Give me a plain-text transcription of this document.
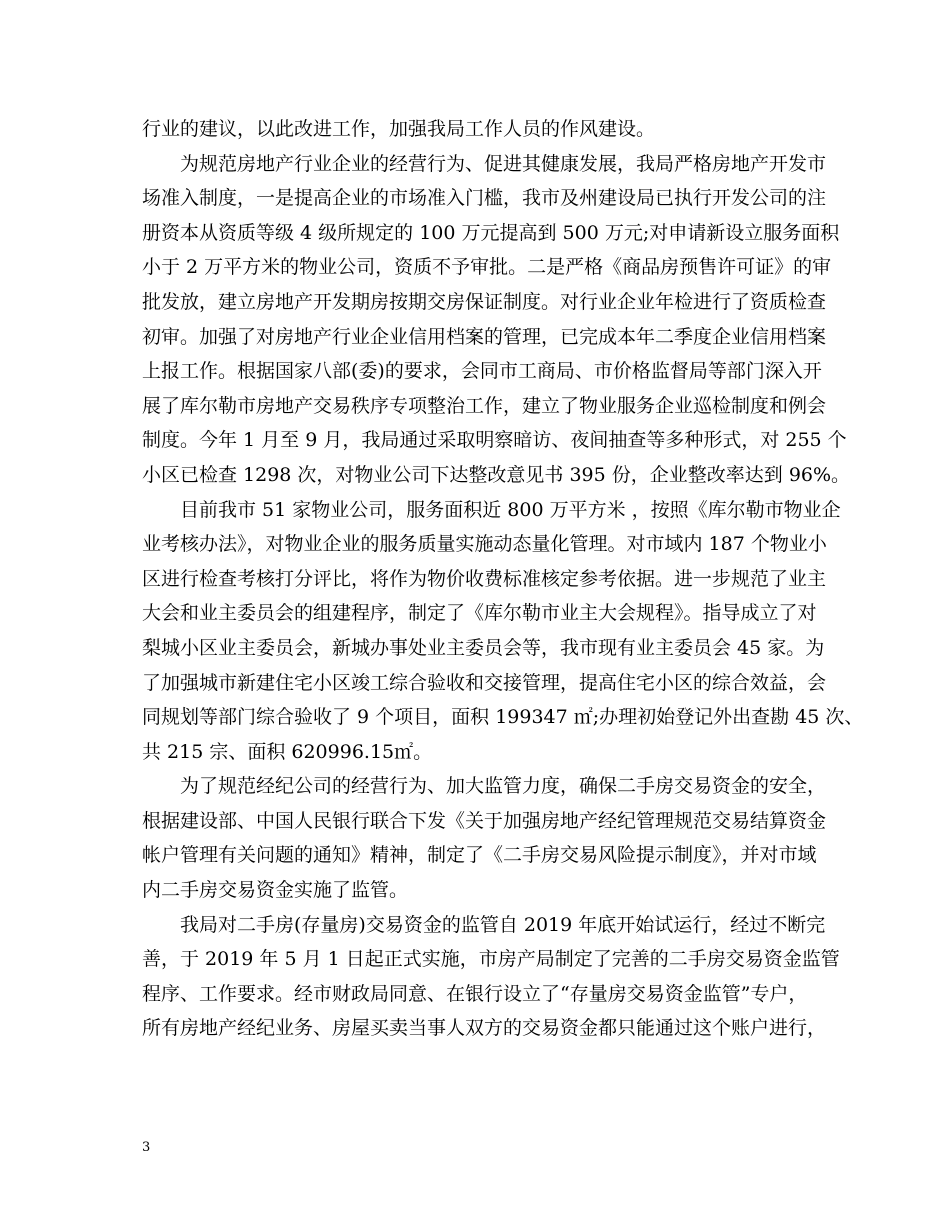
行业的建议，以此改进工作，加强我局工作人员的作风建设。
为规范房地产行业企业的经营行为、促进其健康发展，我局严格房地产开发市
场准入制度，一是提高企业的市场准入门槛，我市及州建设局已执行开发公司的注
册资本从资质等级 4 级所规定的 100 万元提高到 500 万元;对申请新设立服务面积
小于 2 万平方米的物业公司，资质不予审批。二是严格《商品房预售许可证》的审
批发放，建立房地产开发期房按期交房保证制度。对行业企业年检进行了资质检查
初审。加强了对房地产行业企业信用档案的管理，已完成本年二季度企业信用档案
上报工作。根据国家八部(委)的要求，会同市工商局、市价格监督局等部门深入开
展了库尔勒市房地产交易秩序专项整治工作，建立了物业服务企业巡检制度和例会
制度。今年 1 月至 9 月，我局通过采取明察暗访、夜间抽查等多种形式，对 255 个
小区已检查 1298 次，对物业公司下达整改意见书 395 份，企业整改率达到 96%。
目前我市 51 家物业公司，服务面积近 800 万平方米 ，按照《库尔勒市物业企
业考核办法》，对物业企业的服务质量实施动态量化管理。对市域内 187 个物业小
区进行检查考核打分评比，将作为物价收费标准核定参考依据。进一步规范了业主
大会和业主委员会的组建程序，制定了《库尔勒市业主大会规程》。指导成立了对
梨城小区业主委员会，新城办事处业主委员会等，我市现有业主委员会 45 家。为
了加强城市新建住宅小区竣工综合验收和交接管理，提高住宅小区的综合效益，会
同规划等部门综合验收了 9 个项目，面积 199347 ㎡;办理初始登记外出查勘 45 次、
共 215 宗、面积 620996.15㎡。
为了规范经纪公司的经营行为、加大监管力度，确保二手房交易资金的安全，
根据建设部、中国人民银行联合下发《关于加强房地产经纪管理规范交易结算资金
帐户管理有关问题的通知》精神，制定了《二手房交易风险提示制度》，并对市域
内二手房交易资金实施了监管。
我局对二手房(存量房)交易资金的监管自 2019 年底开始试运行，经过不断完
善，于 2019 年 5 月 1 日起正式实施，市房产局制定了完善的二手房交易资金监管
程序、工作要求。经市财政局同意、在银行设立了“存量房交易资金监管”专户，
所有房地产经纪业务、房屋买卖当事人双方的交易资金都只能通过这个账户进行，
3
